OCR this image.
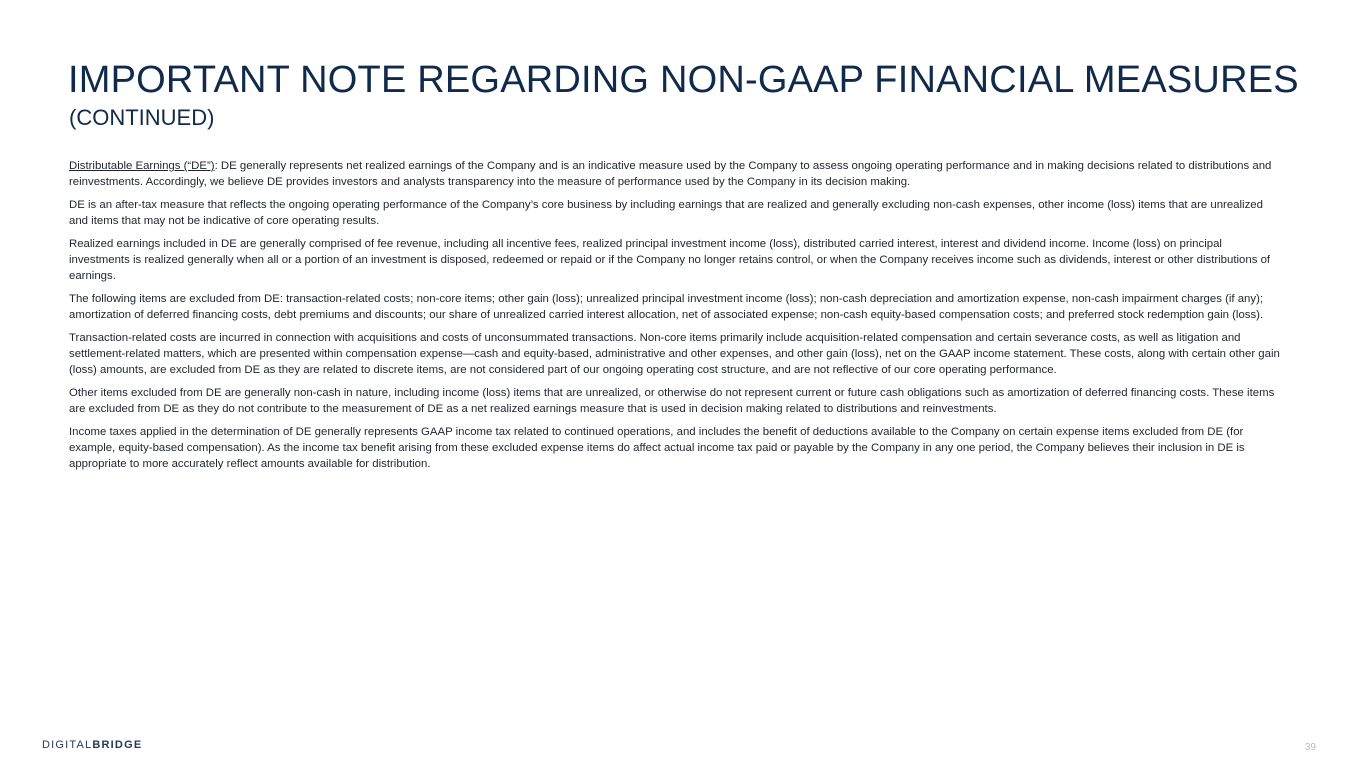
IMPORTANT NOTE REGARDING NON-GAAP FINANCIAL MEASURES
(CONTINUED)

Distributable Earnings (“DE”): DE generally represents net realized earnings of the Company and is an indicative measure used by the Company to assess ongoing operating performance and in making decisions related to distributions and reinvestments. Accordingly, we believe DE provides investors and analysts transparency into the measure of performance used by the Company in its decision making.

DE is an after-tax measure that reflects the ongoing operating performance of the Company’s core business by including earnings that are realized and generally excluding non-cash expenses, other income (loss) items that are unrealized and items that may not be indicative of core operating results.

Realized earnings included in DE are generally comprised of fee revenue, including all incentive fees, realized principal investment income (loss), distributed carried interest, interest and dividend income. Income (loss) on principal investments is realized generally when all or a portion of an investment is disposed, redeemed or repaid or if the Company no longer retains control, or when the Company receives income such as dividends, interest or other distributions of earnings.

The following items are excluded from DE: transaction-related costs; non-core items; other gain (loss); unrealized principal investment income (loss); non-cash depreciation and amortization expense, non-cash impairment charges (if any); amortization of deferred financing costs, debt premiums and discounts; our share of unrealized carried interest allocation, net of associated expense; non-cash equity-based compensation costs; and preferred stock redemption gain (loss).

Transaction-related costs are incurred in connection with acquisitions and costs of unconsummated transactions. Non-core items primarily include acquisition-related compensation and certain severance costs, as well as litigation and settlement-related matters, which are presented within compensation expense—cash and equity-based, administrative and other expenses, and other gain (loss), net on the GAAP income statement. These costs, along with certain other gain (loss) amounts, are excluded from DE as they are related to discrete items, are not considered part of our ongoing operating cost structure, and are not reflective of our core operating performance.

Other items excluded from DE are generally non-cash in nature, including income (loss) items that are unrealized, or otherwise do not represent current or future cash obligations such as amortization of deferred financing costs. These items are excluded from DE as they do not contribute to the measurement of DE as a net realized earnings measure that is used in decision making related to distributions and reinvestments.

Income taxes applied in the determination of DE generally represents GAAP income tax related to continued operations, and includes the benefit of deductions available to the Company on certain expense items excluded from DE (for example, equity-based compensation). As the income tax benefit arising from these excluded expense items do affect actual income tax paid or payable by the Company in any one period, the Company believes their inclusion in DE is appropriate to more accurately reflect amounts available for distribution.

DIGITALBRIDGE	39
